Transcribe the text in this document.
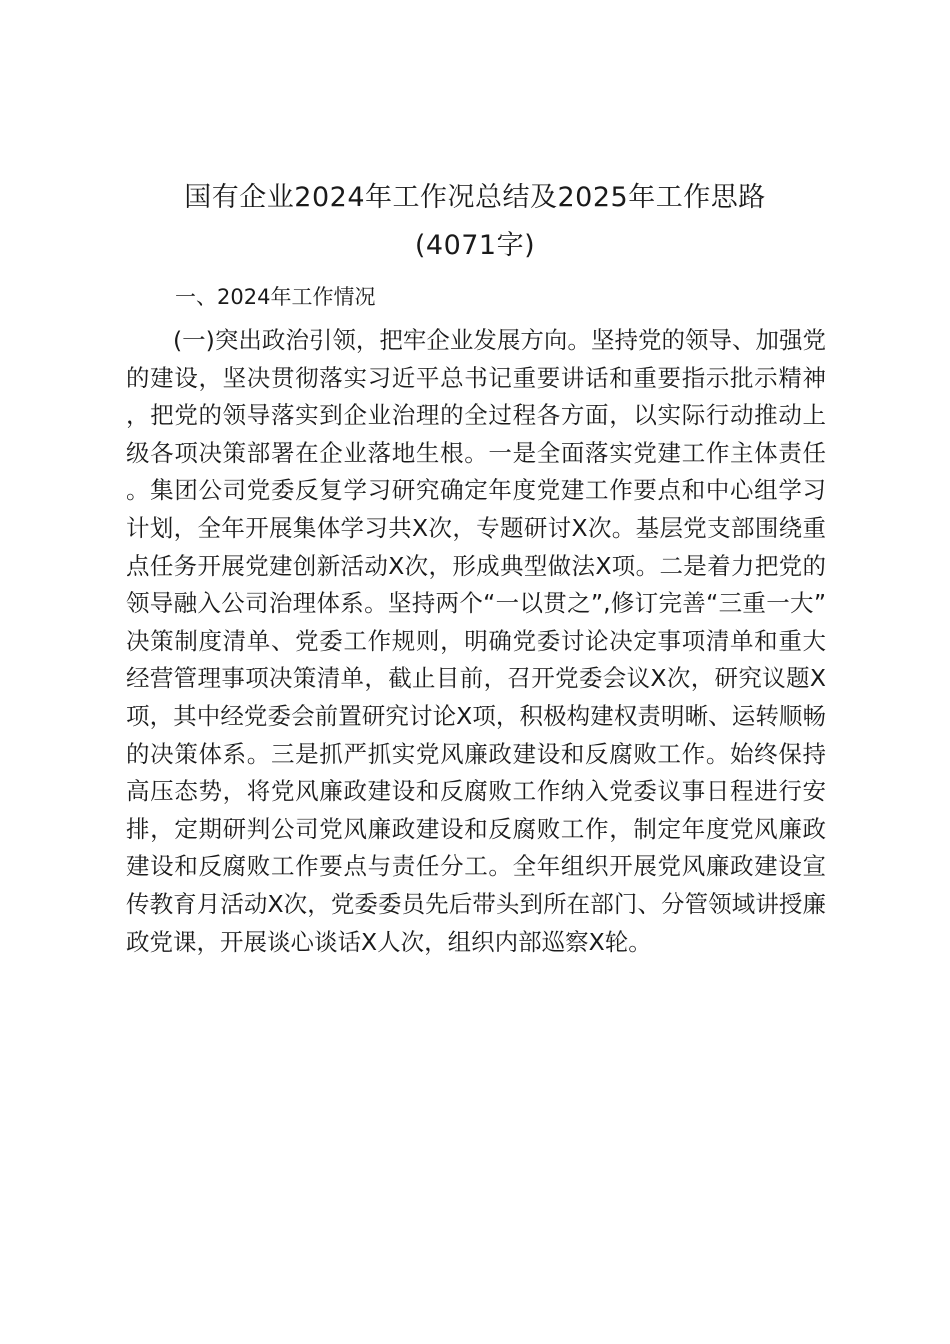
国有企业2024年工作况总结及2025年工作思路
(4071字)
一、2024年工作情况

(一)突出政治引领，把牢企业发展方向。坚持党的领导、加强党的建设，坚决贯彻落实习近平总书记重要讲话和重要指示批示精神，把党的领导落实到企业治理的全过程各方面，以实际行动推动上级各项决策部署在企业落地生根。一是全面落实党建工作主体责任。集团公司党委反复学习研究确定年度党建工作要点和中心组学习计划，全年开展集体学习共X次，专题研讨X次。基层党支部围绕重点任务开展党建创新活动X次，形成典型做法X项。二是着力把党的领导融入公司治理体系。坚持两个“一以贯之”,修订完善“三重一大”决策制度清单、党委工作规则，明确党委讨论决定事项清单和重大经营管理事项决策清单，截止目前，召开党委会议X次，研究议题X项，其中经党委会前置研究讨论X项，积极构建权责明晰、运转顺畅的决策体系。三是抓严抓实党风廉政建设和反腐败工作。始终保持高压态势，将党风廉政建设和反腐败工作纳入党委议事日程进行安排，定期研判公司党风廉政建设和反腐败工作，制定年度党风廉政建设和反腐败工作要点与责任分工。全年组织开展党风廉政建设宣传教育月活动X次，党委委员先后带头到所在部门、分管领域讲授廉政党课，开展谈心谈话X人次，组织内部巡察X轮。
